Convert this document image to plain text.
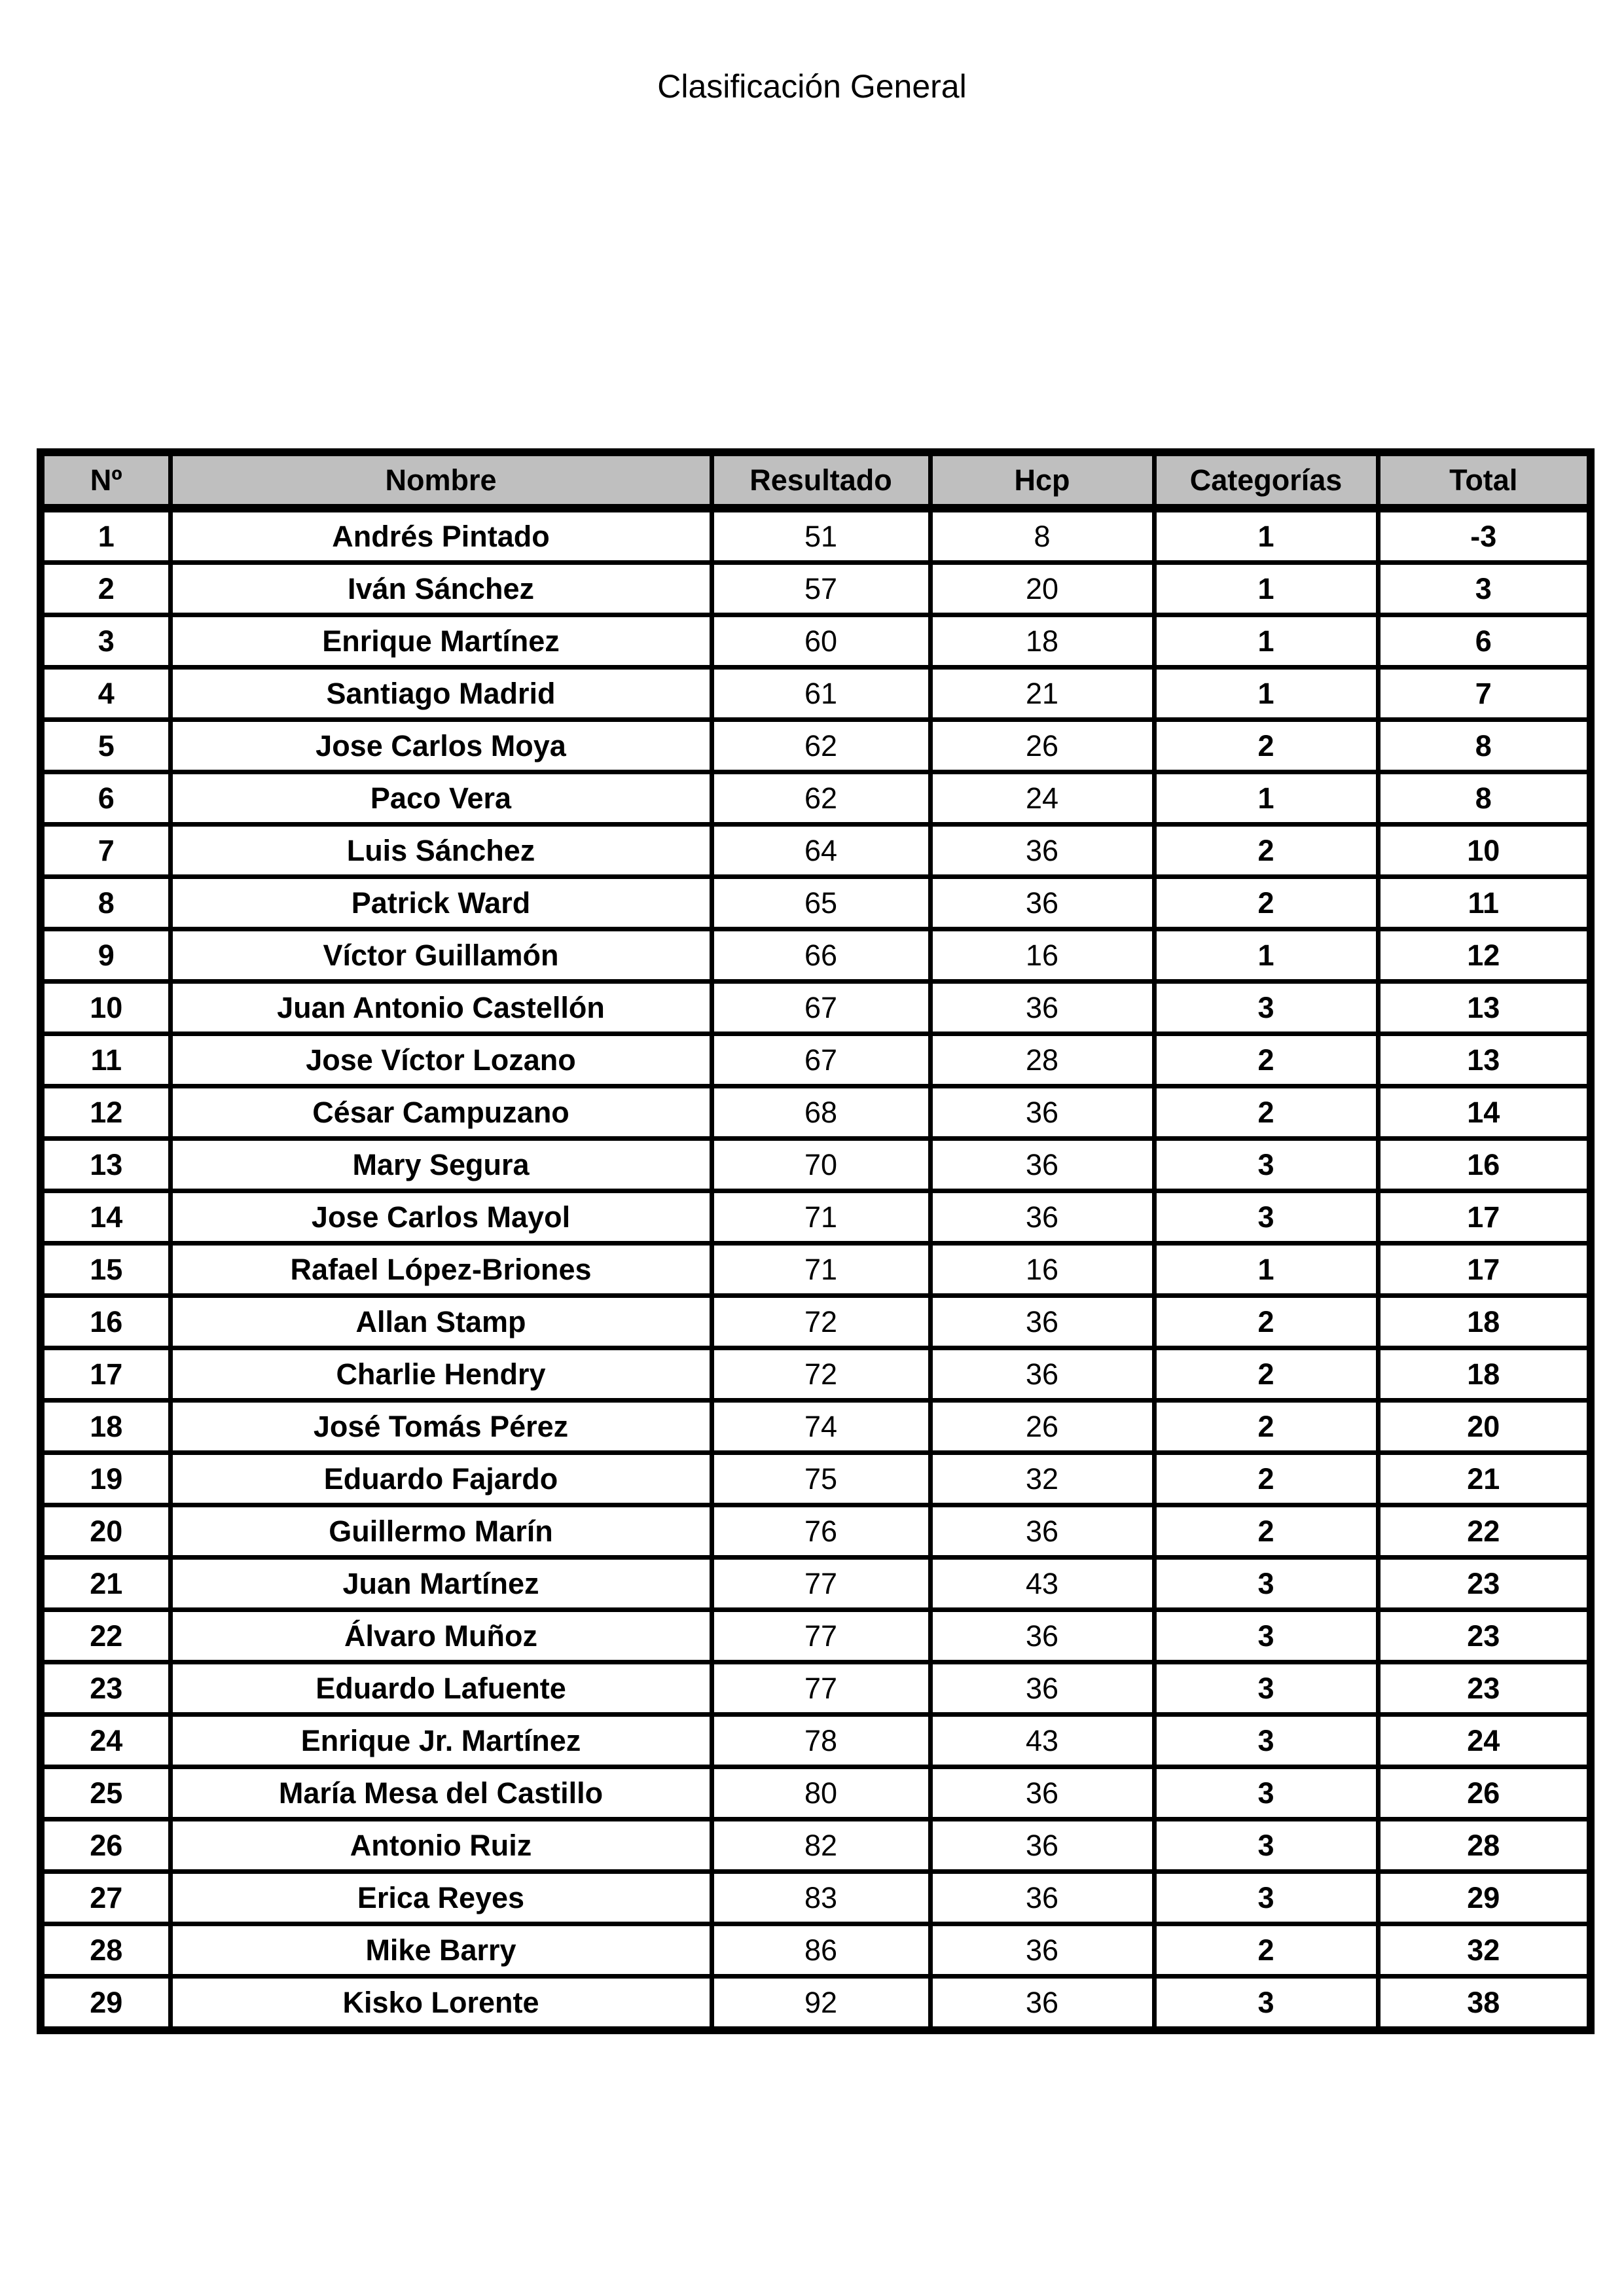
Clasificación General
Nº	Nombre	Resultado	Hcp	Categorías	Total
1	Andrés Pintado	51	8	1	-3
2	Iván Sánchez	57	20	1	3
3	Enrique Martínez	60	18	1	6
4	Santiago Madrid	61	21	1	7
5	Jose Carlos Moya	62	26	2	8
6	Paco Vera	62	24	1	8
7	Luis Sánchez	64	36	2	10
8	Patrick Ward	65	36	2	11
9	Víctor Guillamón	66	16	1	12
10	Juan Antonio Castellón	67	36	3	13
11	Jose Víctor Lozano	67	28	2	13
12	César Campuzano	68	36	2	14
13	Mary Segura	70	36	3	16
14	Jose Carlos Mayol	71	36	3	17
15	Rafael López-Briones	71	16	1	17
16	Allan Stamp	72	36	2	18
17	Charlie Hendry	72	36	2	18
18	José Tomás Pérez	74	26	2	20
19	Eduardo Fajardo	75	32	2	21
20	Guillermo Marín	76	36	2	22
21	Juan Martínez	77	43	3	23
22	Álvaro Muñoz	77	36	3	23
23	Eduardo Lafuente	77	36	3	23
24	Enrique Jr. Martínez	78	43	3	24
25	María Mesa del Castillo	80	36	3	26
26	Antonio Ruiz	82	36	3	28
27	Erica Reyes	83	36	3	29
28	Mike Barry	86	36	2	32
29	Kisko Lorente	92	36	3	38
